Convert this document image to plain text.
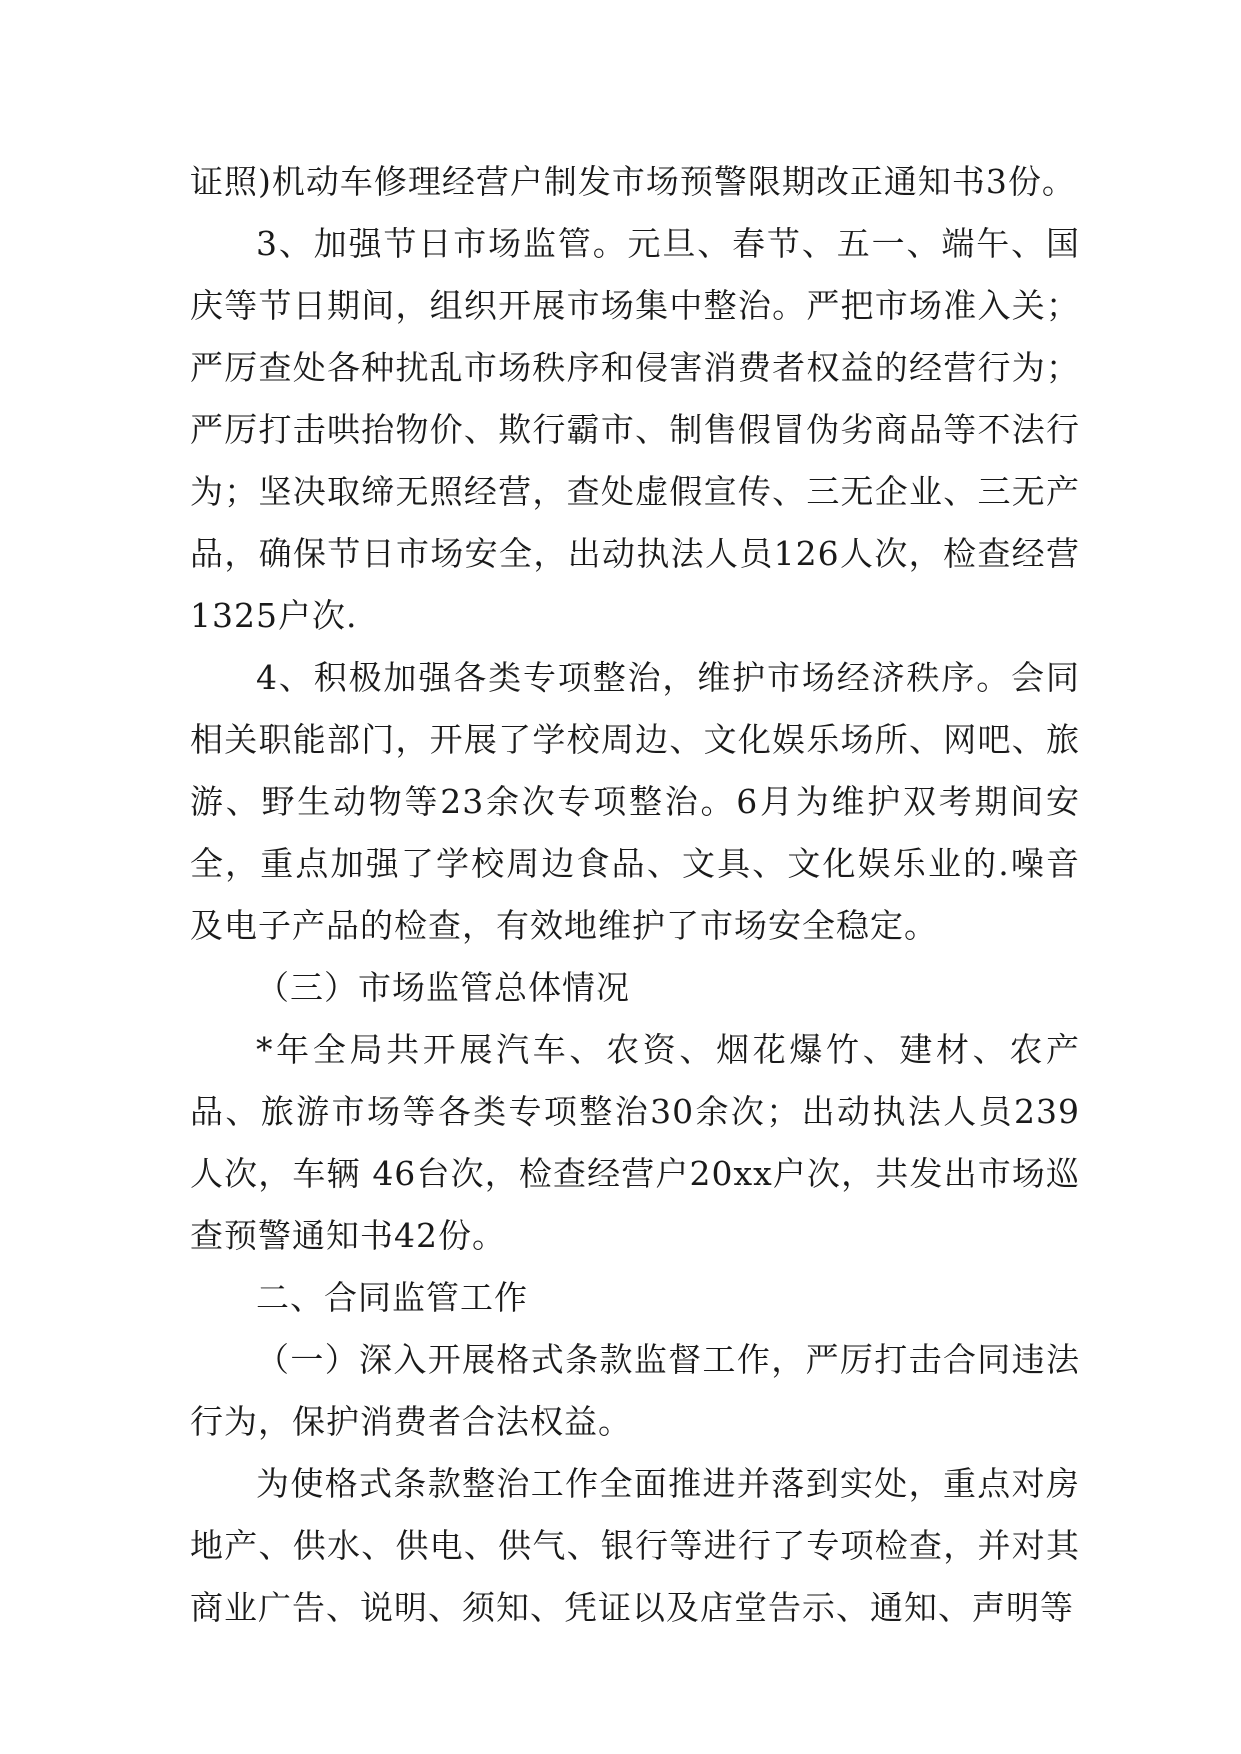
证照)机动车修理经营户制发市场预警限期改正通知书3份。

3、加强节日市场监管。元旦、春节、五一、端午、国庆等节日期间，组织开展市场集中整治。严把市场准入关；严厉查处各种扰乱市场秩序和侵害消费者权益的经营行为；严厉打击哄抬物价、欺行霸市、制售假冒伪劣商品等不法行为；坚决取缔无照经营，查处虚假宣传、三无企业、三无产品，确保节日市场安全，出动执法人员126人次，检查经营1325户次.

4、积极加强各类专项整治，维护市场经济秩序。会同相关职能部门，开展了学校周边、文化娱乐场所、网吧、旅游、野生动物等23余次专项整治。6月为维护双考期间安全，重点加强了学校周边食品、文具、文化娱乐业的.噪音及电子产品的检查，有效地维护了市场安全稳定。

（三）市场监管总体情况

*年全局共开展汽车、农资、烟花爆竹、建材、农产品、旅游市场等各类专项整治30余次；出动执法人员239 人次，车辆 46台次，检查经营户20xx户次，共发出市场巡查预警通知书42份。

二、合同监管工作

（一）深入开展格式条款监督工作，严厉打击合同违法行为，保护消费者合法权益。

为使格式条款整治工作全面推进并落到实处，重点对房地产、供水、供电、供气、银行等进行了专项检查，并对其商业广告、说明、须知、凭证以及店堂告示、通知、声明等
